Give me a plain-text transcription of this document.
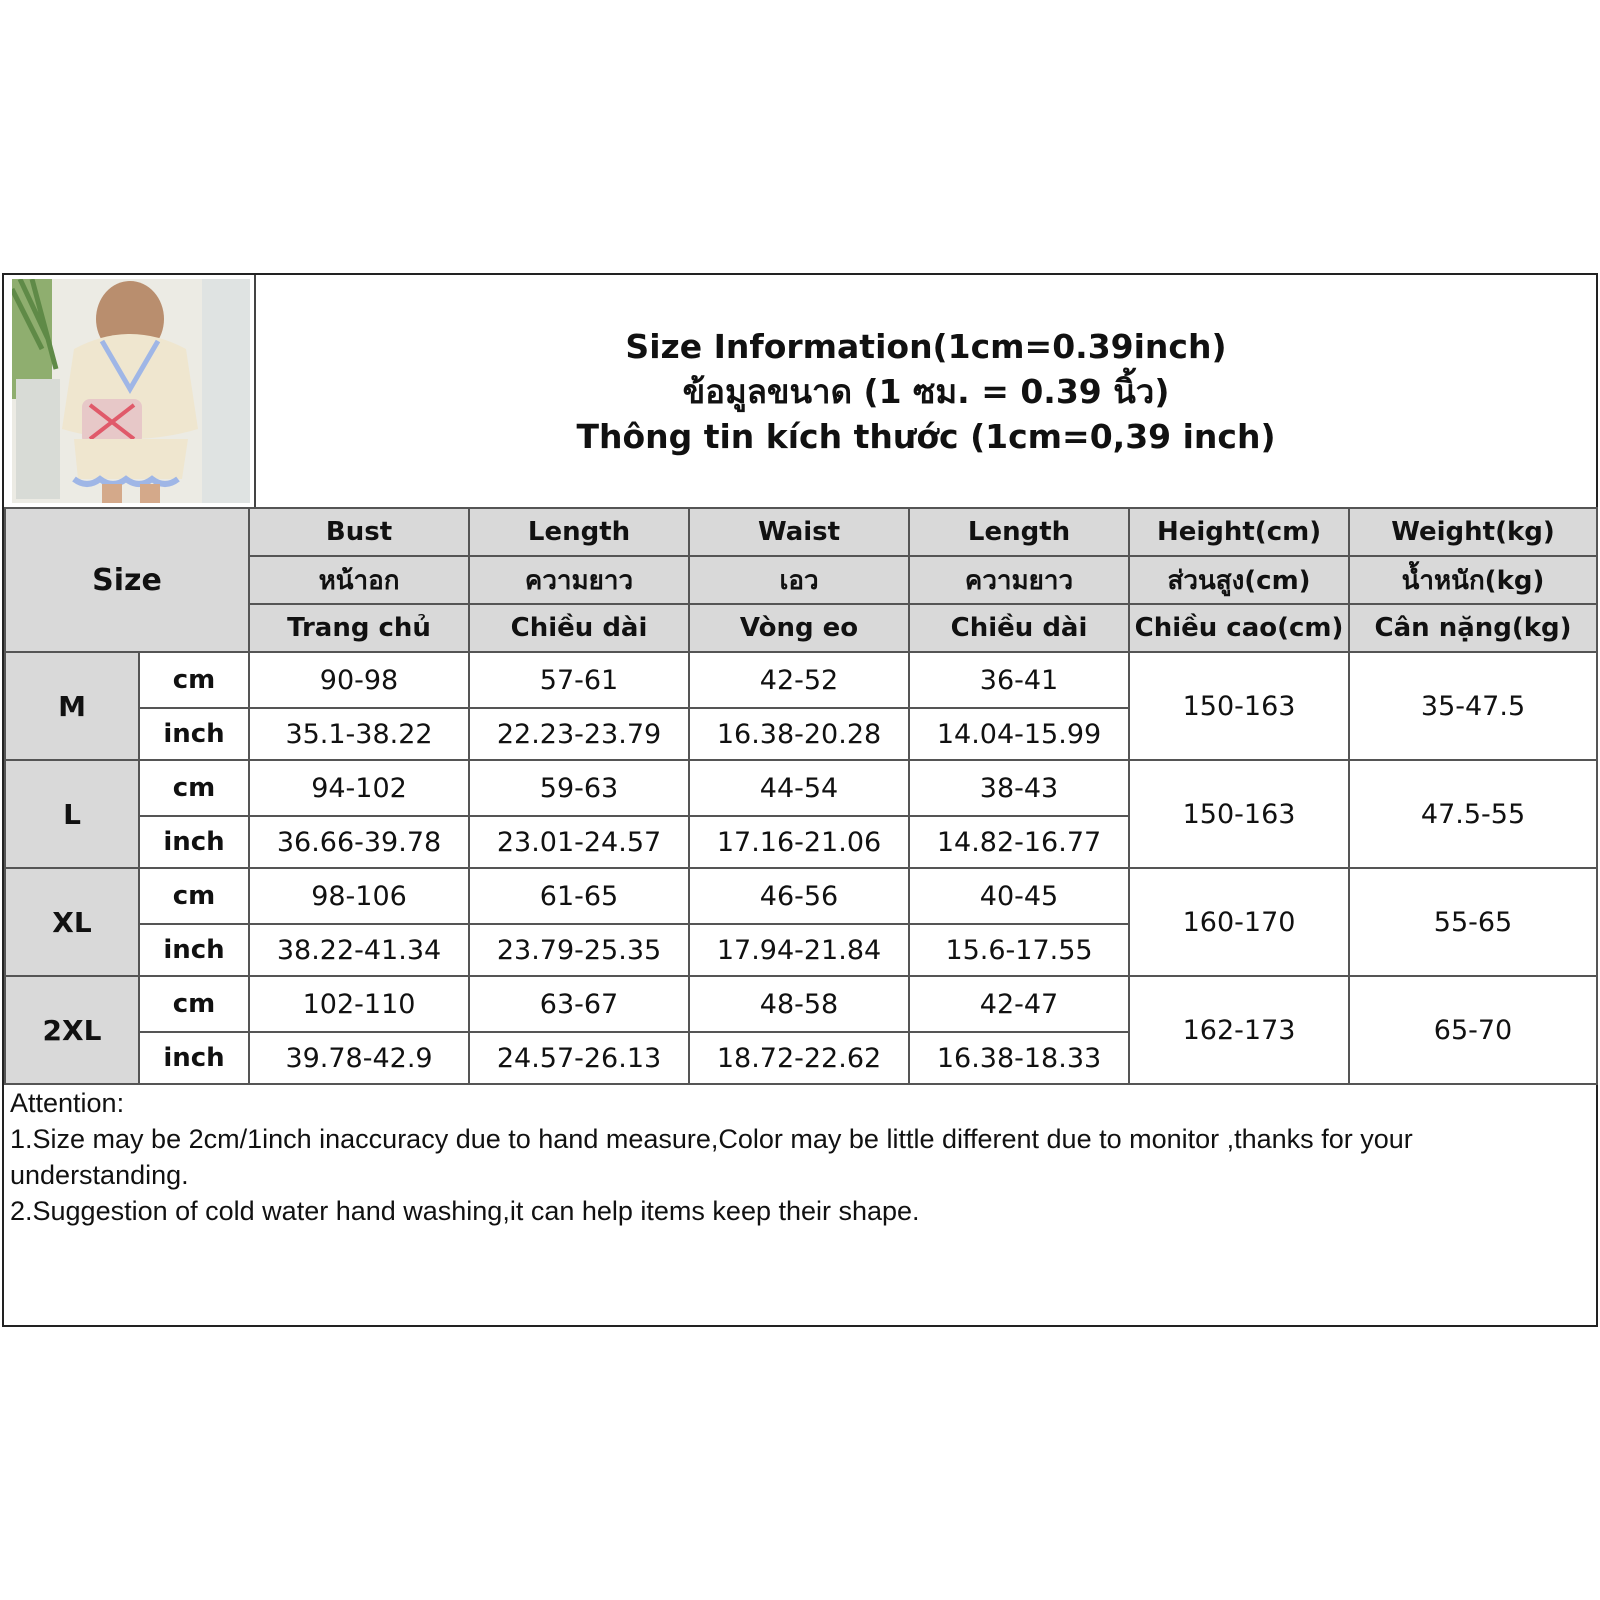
Size Information(1cm=0.39inch)
ข้อมูลขนาด (1 ซม. = 0.39 นิ้ว)
Thông tin kích thước (1cm=0,39 inch)
Size		Bust	Length	Waist	Length	Height(cm)	Weight(kg)
		หน้าอก	ความยาว	เอว	ความยาว	ส่วนสูง(cm)	น้ำหนัก(kg)
		Trang chủ	Chiều dài	Vòng eo	Chiều dài	Chiều cao(cm)	Cân nặng(kg)
M	cm	90-98	57-61	42-52	36-41	150-163	35-47.5
	inch	35.1-38.22	22.23-23.79	16.38-20.28	14.04-15.99		
L	cm	94-102	59-63	44-54	38-43	150-163	47.5-55
	inch	36.66-39.78	23.01-24.57	17.16-21.06	14.82-16.77		
XL	cm	98-106	61-65	46-56	40-45	160-170	55-65
	inch	38.22-41.34	23.79-25.35	17.94-21.84	15.6-17.55		
2XL	cm	102-110	63-67	48-58	42-47	162-173	65-70
	inch	39.78-42.9	24.57-26.13	18.72-22.62	16.38-18.33		
Attention:
1.Size may be 2cm/1inch inaccuracy due to hand measure,Color may be little different due to monitor ,thanks for your
understanding.
2.Suggestion of cold water hand washing,it can help items keep their shape.
